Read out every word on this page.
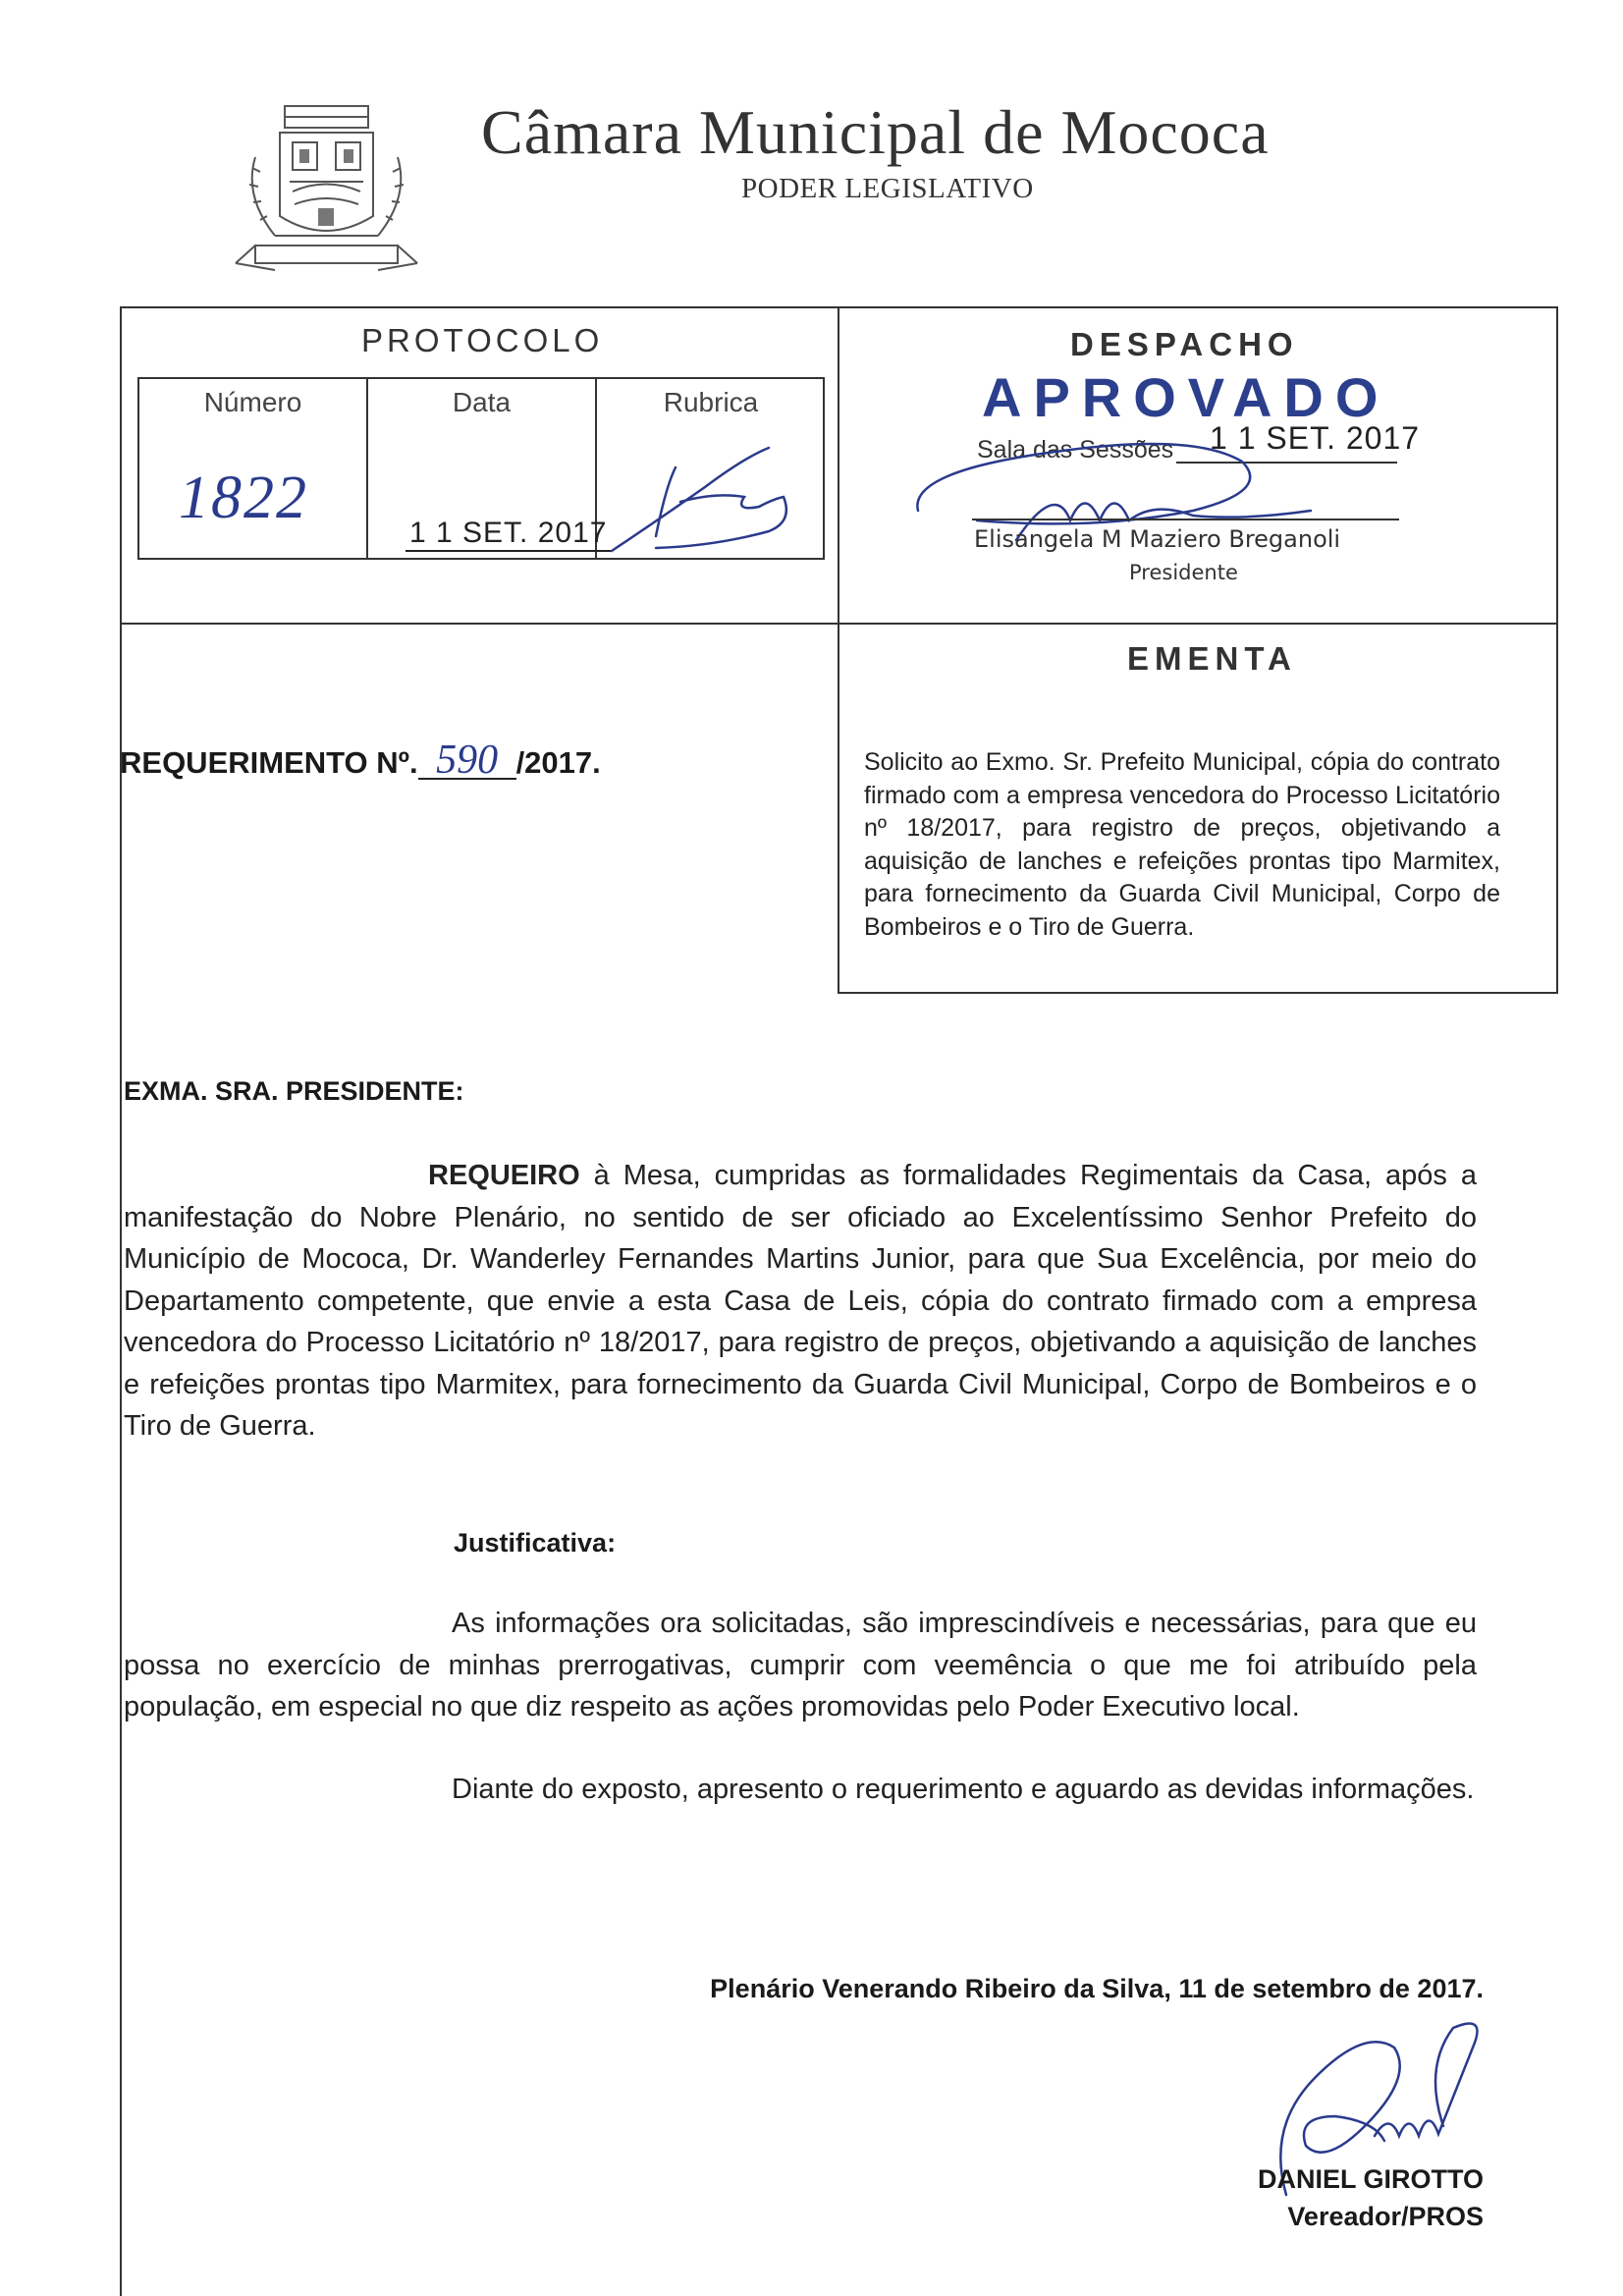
Câmara Municipal de Mococa
PODER LEGISLATIVO
PROTOCOLO
Número
1822
Data
1 1 SET. 2017
Rubrica
DESPACHO
APROVADO
Sala das Sessões 1 1 SET. 2017
Elisangela M Maziero Breganoli
Presidente
EMENTA
Solicito ao Exmo. Sr. Prefeito Municipal, cópia do contrato firmado com a empresa vencedora do Processo Licitatório nº 18/2017, para registro de preços, objetivando a aquisição de lanches e refeições prontas tipo Marmitex, para fornecimento da Guarda Civil Municipal, Corpo de Bombeiros e o Tiro de Guerra.
REQUERIMENTO Nº. 590 /2017.
EXMA. SRA. PRESIDENTE:
REQUEIRO à Mesa, cumpridas as formalidades Regimentais da Casa, após a manifestação do Nobre Plenário, no sentido de ser oficiado ao Excelentíssimo Senhor Prefeito do Município de Mococa, Dr. Wanderley Fernandes Martins Junior, para que Sua Excelência, por meio do Departamento competente, que envie a esta Casa de Leis, cópia do contrato firmado com a empresa vencedora do Processo Licitatório nº 18/2017, para registro de preços, objetivando a aquisição de lanches e refeições prontas tipo Marmitex, para fornecimento da Guarda Civil Municipal, Corpo de Bombeiros e o Tiro de Guerra.
Justificativa:
As informações ora solicitadas, são imprescindíveis e necessárias, para que eu possa no exercício de minhas prerrogativas, cumprir com veemência o que me foi atribuído pela população, em especial no que diz respeito as ações promovidas pelo Poder Executivo local.
Diante do exposto, apresento o requerimento e aguardo as devidas informações.
Plenário Venerando Ribeiro da Silva, 11 de setembro de 2017.
DANIEL GIROTTO
Vereador/PROS
